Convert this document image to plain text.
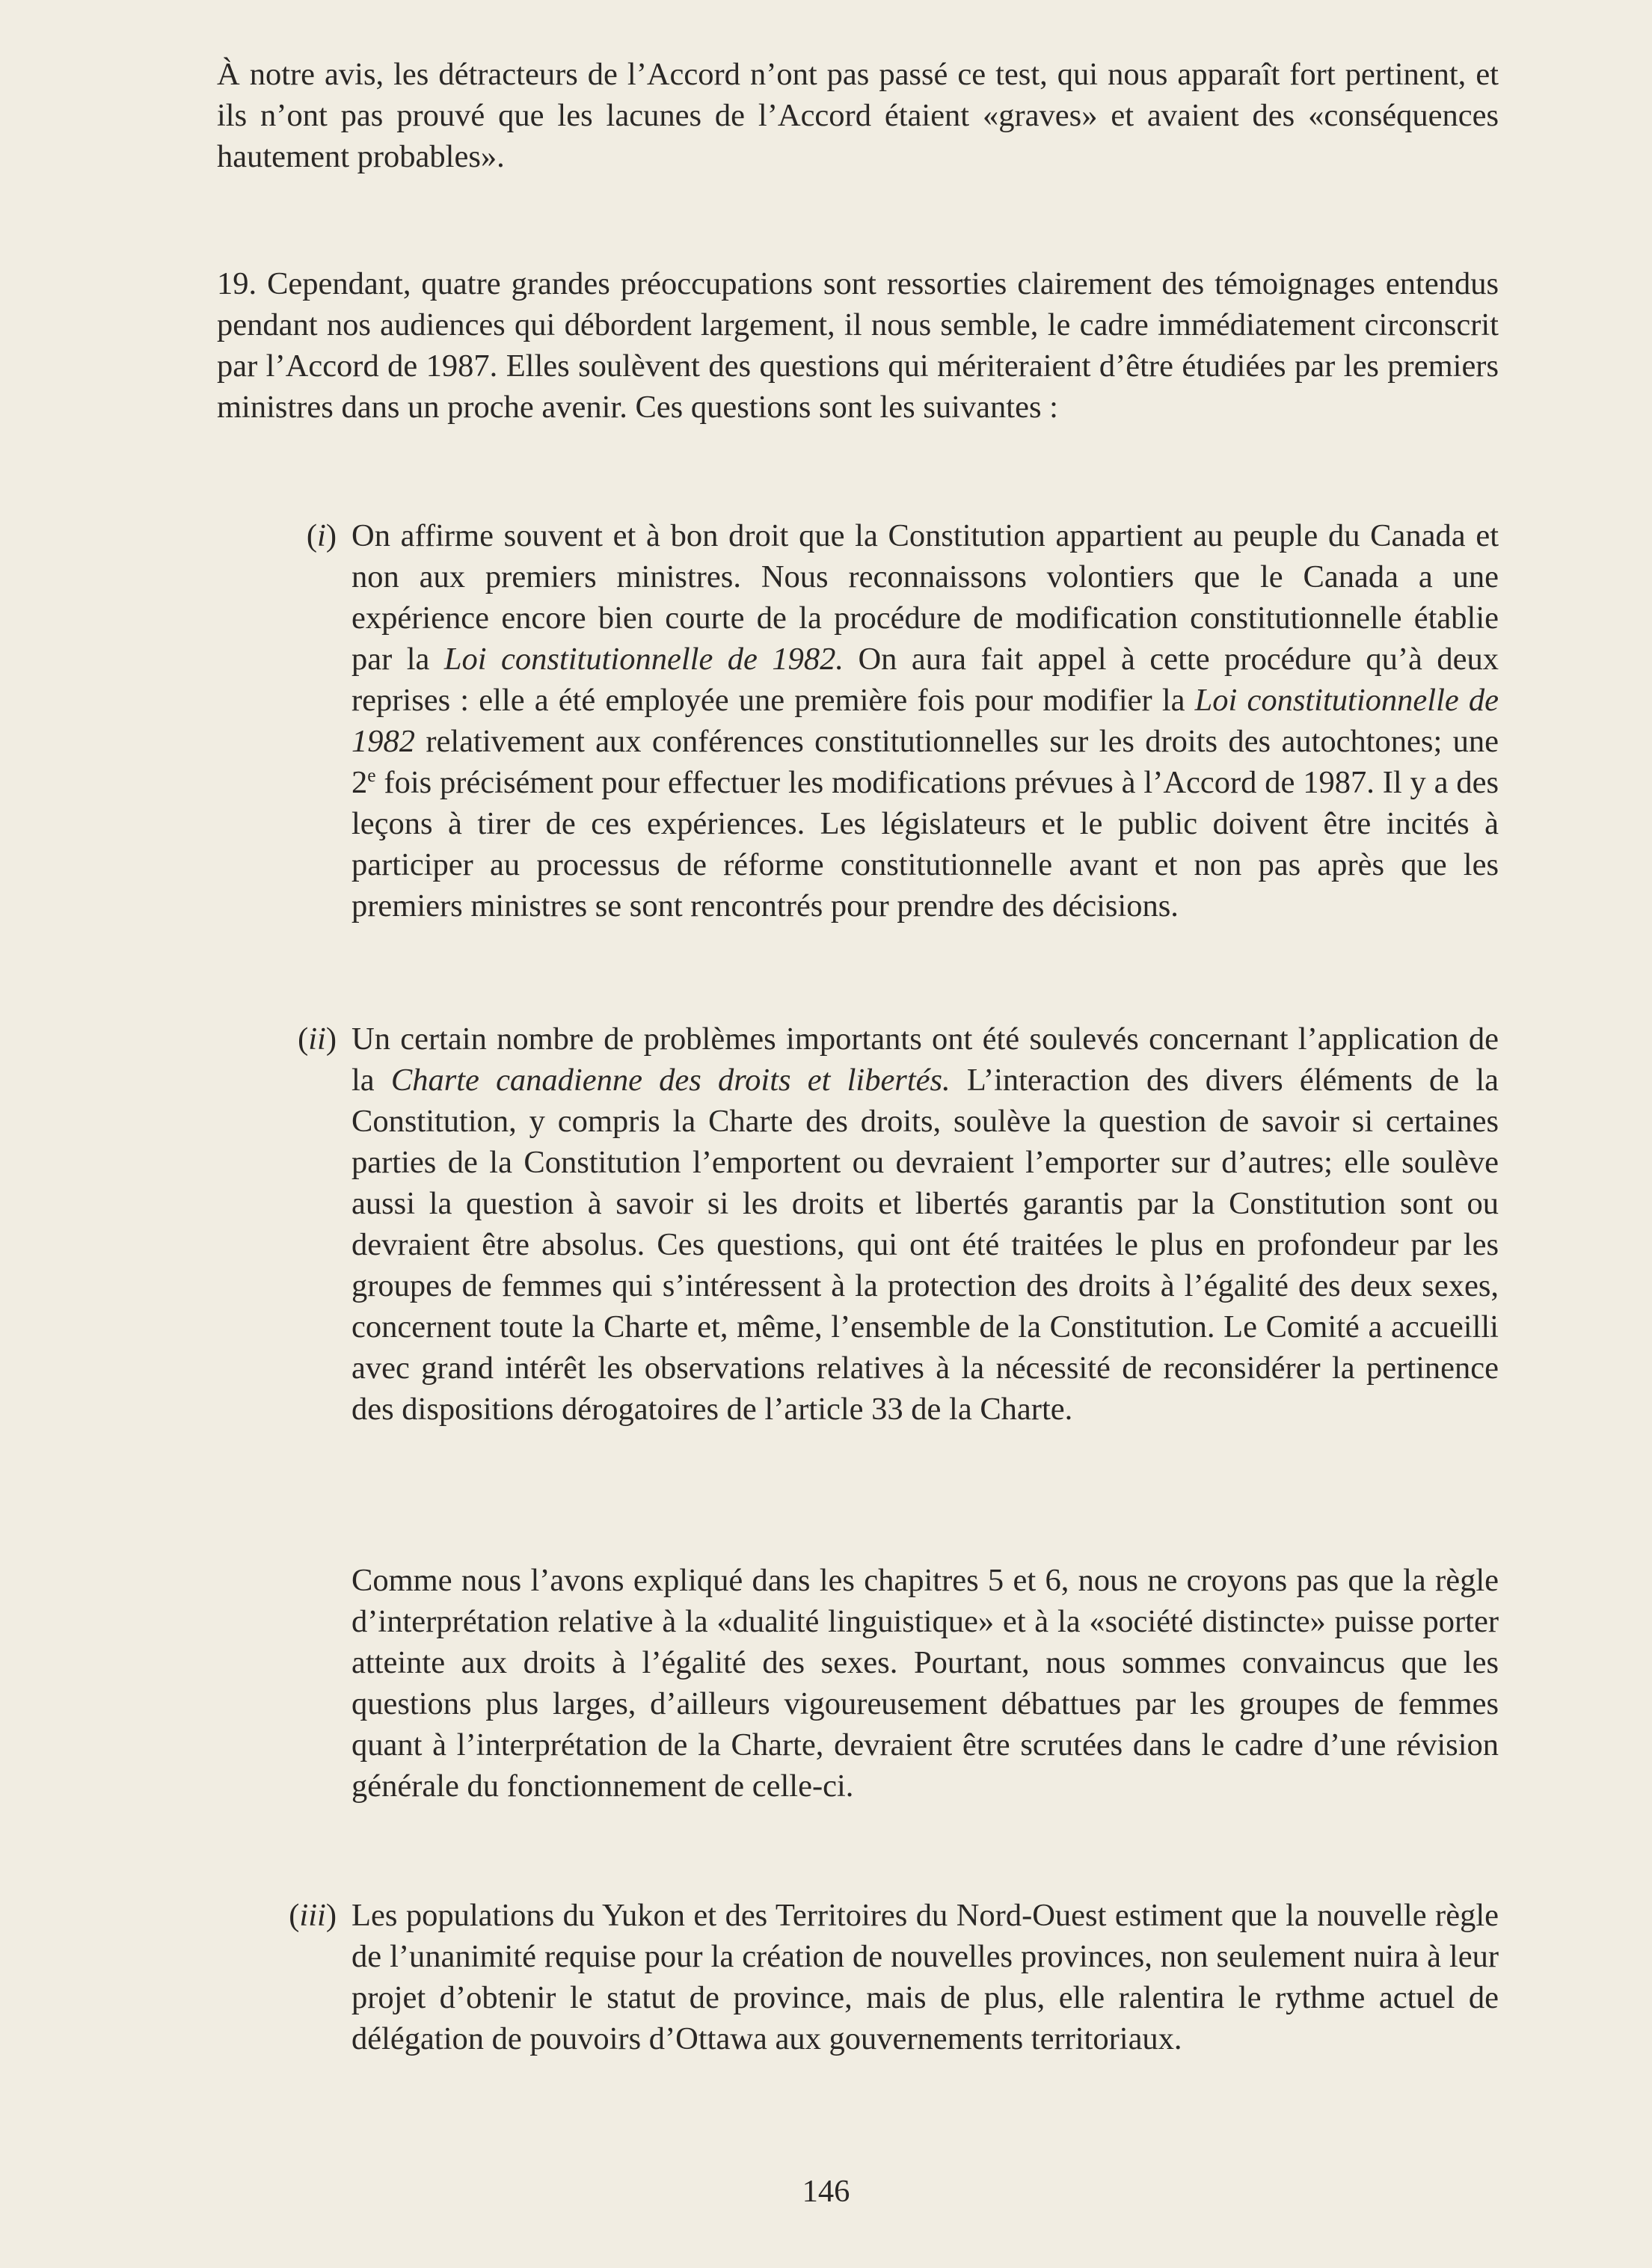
À notre avis, les détracteurs de l’Accord n’ont pas passé ce test, qui nous apparaît fort pertinent, et ils n’ont pas prouvé que les lacunes de l’Accord étaient «graves» et avaient des «conséquences hautement probables».

19. Cependant, quatre grandes préoccupations sont ressorties clairement des témoignages entendus pendant nos audiences qui débordent largement, il nous semble, le cadre immédiatement circonscrit par l’Accord de 1987. Elles soulèvent des questions qui mériteraient d’être étudiées par les premiers ministres dans un proche avenir. Ces questions sont les suivantes :

(i) On affirme souvent et à bon droit que la Constitution appartient au peuple du Canada et non aux premiers ministres. Nous reconnaissons volontiers que le Canada a une expérience encore bien courte de la procédure de modification constitutionnelle établie par la Loi constitutionnelle de 1982. On aura fait appel à cette procédure qu’à deux reprises : elle a été employée une première fois pour modifier la Loi constitutionnelle de 1982 relativement aux conférences constitutionnelles sur les droits des autochtones; une 2e fois précisément pour effectuer les modifications prévues à l’Accord de 1987. Il y a des leçons à tirer de ces expériences. Les législateurs et le public doivent être incités à participer au processus de réforme constitutionnelle avant et non pas après que les premiers ministres se sont rencontrés pour prendre des décisions.
(ii) Un certain nombre de problèmes importants ont été soulevés concernant l’application de la Charte canadienne des droits et libertés. L’interaction des divers éléments de la Constitution, y compris la Charte des droits, soulève la question de savoir si certaines parties de la Constitution l’emportent ou devraient l’emporter sur d’autres; elle soulève aussi la question à savoir si les droits et libertés garantis par la Constitution sont ou devraient être absolus. Ces questions, qui ont été traitées le plus en profondeur par les groupes de femmes qui s’intéressent à la protection des droits à l’égalité des deux sexes, concernent toute la Charte et, même, l’ensemble de la Constitution. Le Comité a accueilli avec grand intérêt les observations relatives à la nécessité de reconsidérer la pertinence des dispositions dérogatoires de l’article 33 de la Charte.
Comme nous l’avons expliqué dans les chapitres 5 et 6, nous ne croyons pas que la règle d’interprétation relative à la «dualité linguistique» et à la «société distincte» puisse porter atteinte aux droits à l’égalité des sexes. Pourtant, nous sommes convaincus que les questions plus larges, d’ailleurs vigoureusement débattues par les groupes de femmes quant à l’interprétation de la Charte, devraient être scrutées dans le cadre d’une révision générale du fonctionnement de celle-ci.
(iii) Les populations du Yukon et des Territoires du Nord-Ouest estiment que la nouvelle règle de l’unanimité requise pour la création de nouvelles provinces, non seulement nuira à leur projet d’obtenir le statut de province, mais de plus, elle ralentira le rythme actuel de délégation de pouvoirs d’Ottawa aux gouvernements territoriaux.
146
